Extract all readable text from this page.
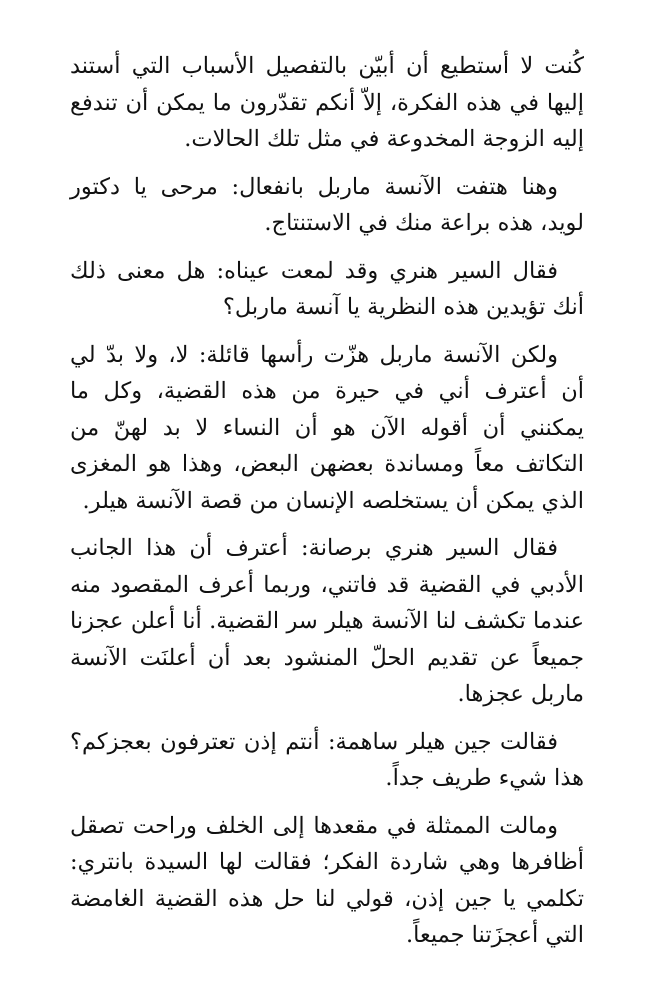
كُنت لا أستطيع أن أبيّن بالتفصيل الأسباب التي أستند إليها في هذه الفكرة، إلاّ أنكم تقدّرون ما يمكن أن تندفع إليه الزوجة المخدوعة في مثل تلك الحالات.

وهنا هتفت الآنسة ماربل بانفعال: مرحى يا دكتور لويد، هذه براعة منك في الاستنتاج.

فقال السير هنري وقد لمعت عيناه: هل معنى ذلك أنك تؤيدين هذه النظرية يا آنسة ماربل؟

ولكن الآنسة ماربل هزّت رأسها قائلة: لا، ولا بدّ لي أن أعترف أني في حيرة من هذه القضية، وكل ما يمكنني أن أقوله الآن هو أن النساء لا بد لهنّ من التكاتف معاً ومساندة بعضهن البعض، وهذا هو المغزى الذي يمكن أن يستخلصه الإنسان من قصة الآنسة هيلر.

فقال السير هنري برصانة: أعترف أن هذا الجانب الأدبي في القضية قد فاتني، وربما أعرف المقصود منه عندما تكشف لنا الآنسة هيلر سر القضية. أنا أعلن عجزنا جميعاً عن تقديم الحلّ المنشود بعد أن أعلنَت الآنسة ماربل عجزها.

فقالت جين هيلر ساهمة: أنتم إذن تعترفون بعجزكم؟ هذا شيء طريف جداً.

ومالت الممثلة في مقعدها إلى الخلف وراحت تصقل أظافرها وهي شاردة الفكر؛ فقالت لها السيدة بانتري: تكلمي يا جين إذن، قولي لنا حل هذه القضية الغامضة التي أعجزَتنا جميعاً.
